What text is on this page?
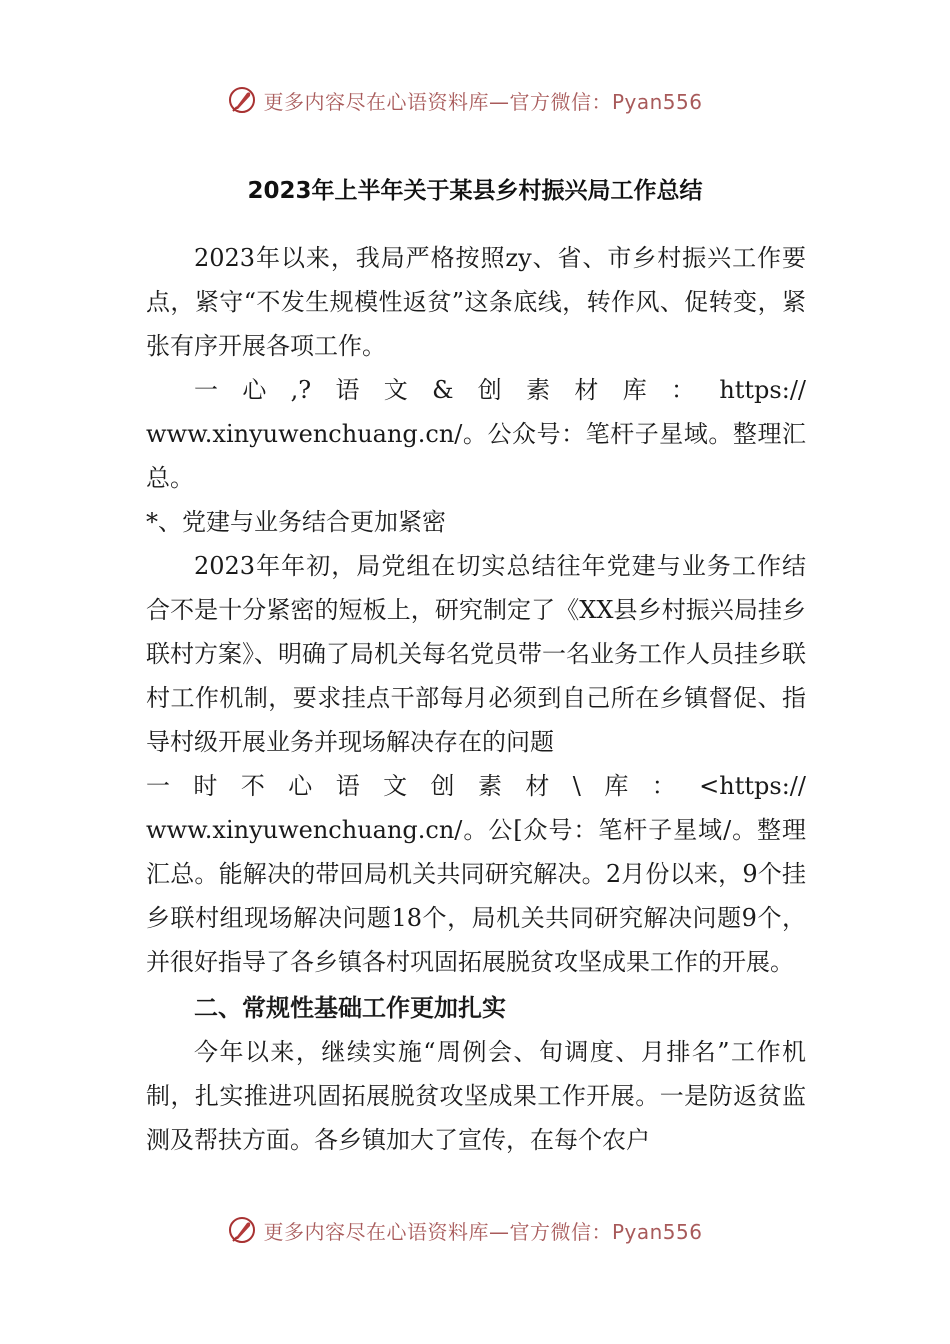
更多内容尽在心语资料库—官方微信：Pyan556
2023年上半年关于某县乡村振兴局工作总结

2023年以来，我局严格按照zy、省、市乡村振兴工作要点，紧守“不发生规模性返贫”这条底线，转作风、促转变，紧张有序开展各项工作。

一 心 ,? 语 文 & 创 素 材 库 ： https://

www.xinyuwenchuang.cn/。公众号：笔杆子星域。整理汇总。

*、党建与业务结合更加紧密

2023年年初，局党组在切实总结往年党建与业务工作结合不是十分紧密的短板上，研究制定了《XX县乡村振兴局挂乡联村方案》、明确了局机关每名党员带一名业务工作人员挂乡联村工作机制，要求挂点干部每月必须到自己所在乡镇督促、指导村级开展业务并现场解决存在的问题

一 时 不 心 语 文 创 素 材 \ 库 ： <https://

www.xinyuwenchuang.cn/。公[众号：笔杆子星域/。整理汇总。能解决的带回局机关共同研究解决。2月份以来，9个挂乡联村组现场解决问题18个，局机关共同研究解决问题9个，并很好指导了各乡镇各村巩固拓展脱贫攻坚成果工作的开展。

二、常规性基础工作更加扎实

今年以来，继续实施“周例会、旬调度、月排名”工作机制，扎实推进巩固拓展脱贫攻坚成果工作开展。一是防返贫监测及帮扶方面。各乡镇加大了宣传，在每个农户

更多内容尽在心语资料库—官方微信：Pyan556
